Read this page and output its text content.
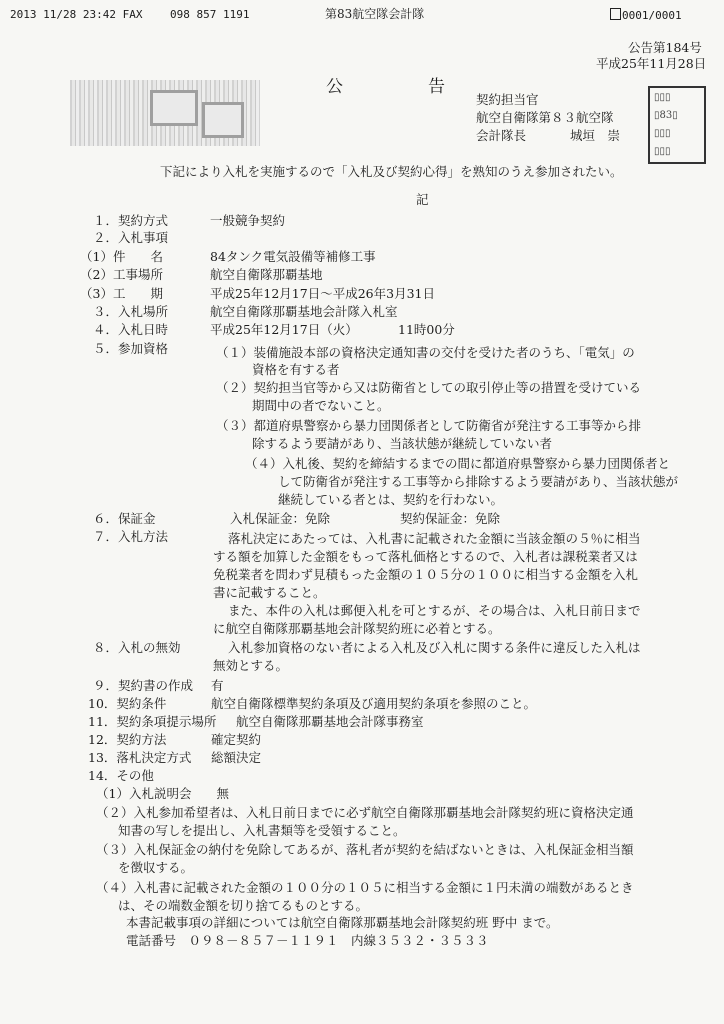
2013 11/28 23:42 FAX	098 857 1191	第83航空隊会計隊	0001/0001
公告第184号
平成25年11月28日
公	告
契約担当官
航空自衛隊第８３航空隊
会計隊長	城垣　崇
▯▯▯
▯83▯
▯▯▯
▯▯▯
下記により入札を実施するので「入札及び契約心得」を熟知のうえ参加されたい。
記
１．契約方式	一般競争契約
２．入札事項
（1）件　　名	84タンク電気設備等補修工事
（2）工事場所	航空自衛隊那覇基地
（3）工　　期	平成25年12月17日～平成26年3月31日
３．入札場所	航空自衛隊那覇基地会計隊入札室
４．入札日時	平成25年12月17日（火）	11時00分
５．参加資格	（１）装備施設本部の資格決定通知書の交付を受けた者のうち、「電気」の
資格を有する者
（２）契約担当官等から又は防衛省としての取引停止等の措置を受けている
期間中の者でないこと。
（３）都道府県警察から暴力団関係者として防衛省が発注する工事等から排
除するよう要請があり、当該状態が継続していない者
（４）入札後、契約を締結するまでの間に都道府県警察から暴力団関係者と
して防衛省が発注する工事等から排除するよう要請があり、当該状態が
継続している者とは、契約を行わない。
６．保証金	入札保証金：免除	契約保証金：免除
７．入札方法	落札決定にあたっては、入札書に記載された金額に当該金額の５％に相当
する額を加算した金額をもって落札価格とするので、入札者は課税業者又は
免税業者を問わず見積もった金額の１０５分の１００に相当する金額を入札
書に記載すること。
また、本件の入札は郵便入札を可とするが、その場合は、入札日前日まで
に航空自衛隊那覇基地会計隊契約班に必着とする。
８．入札の無効	入札参加資格のない者による入札及び入札に関する条件に違反した入札は
無効とする。
９．契約書の作成 有
10．契約条件	航空自衛隊標準契約条項及び適用契約条項を参照のこと。
11．契約条項提示場所 航空自衛隊那覇基地会計隊事務室
12．契約方法	確定契約
13．落札決定方式 総額決定
14．その他
（1）入札説明会　　無
（２）入札参加希望者は、入札日前日までに必ず航空自衛隊那覇基地会計隊契約班に資格決定通
知書の写しを提出し、入札書類等を受領すること。
（３）入札保証金の納付を免除してあるが、落札者が契約を結ばないときは、入札保証金相当額
を徴収する。
（４）入札書に記載された金額の１００分の１０５に相当する金額に１円未満の端数があるとき
は、その端数金額を切り捨てるものとする。
本書記載事項の詳細については航空自衛隊那覇基地会計隊契約班 野中 まで。
電話番号　０９８－８５７－１１９１　内線３５３２・３５３３
